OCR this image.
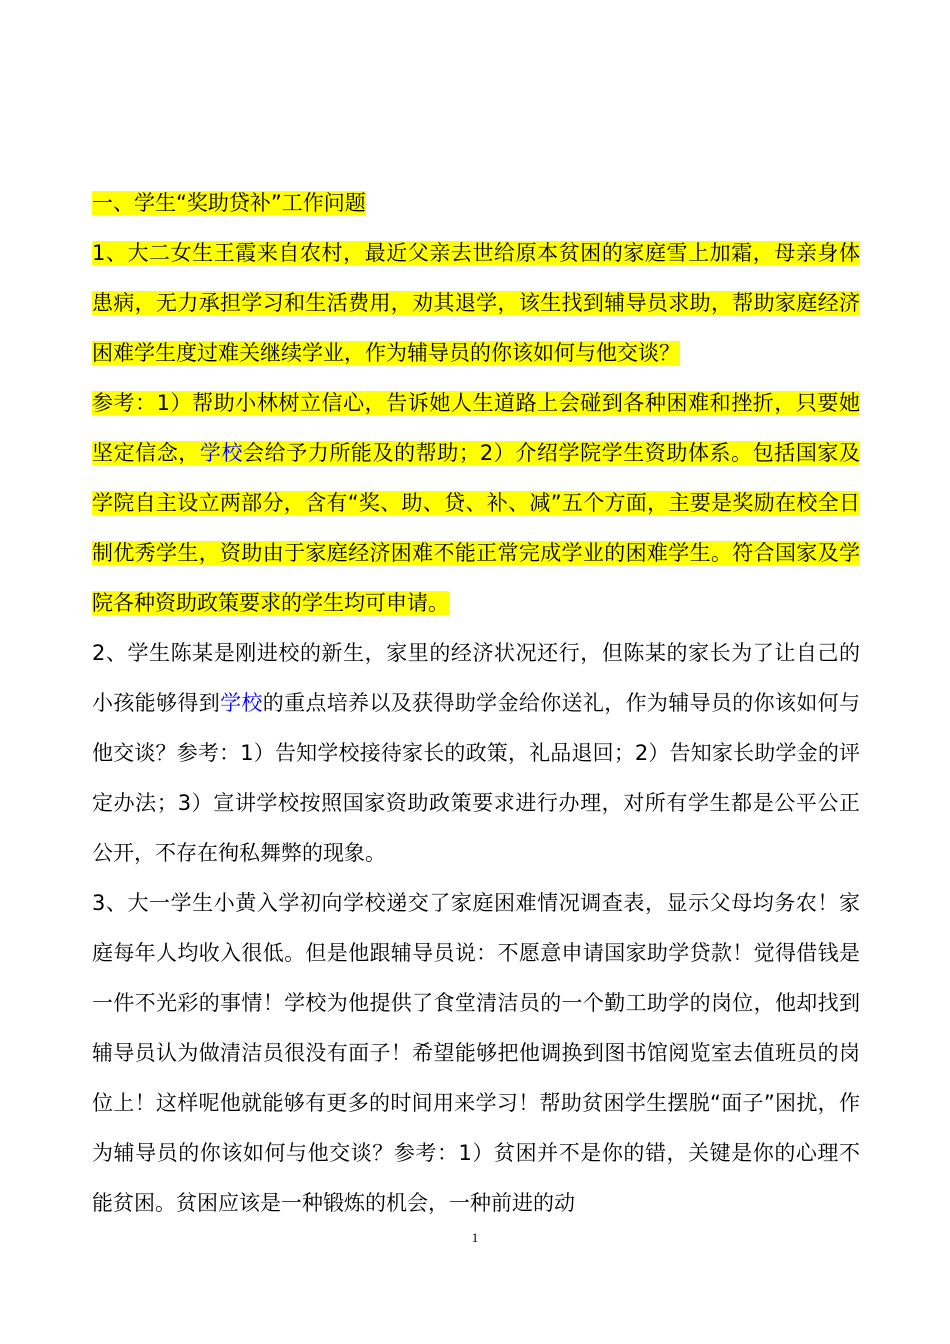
一、学生“奖助贷补”工作问题

1、大二女生王霞来自农村，最近父亲去世给原本贫困的家庭雪上加霜，母亲身体患病，无力承担学习和生活费用，劝其退学，该生找到辅导员求助，帮助家庭经济困难学生度过难关继续学业，作为辅导员的你该如何与他交谈？

参考：1）帮助小林树立信心，告诉她人生道路上会碰到各种困难和挫折，只要她坚定信念，学校会给予力所能及的帮助；2）介绍学院学生资助体系。包括国家及学院自主设立两部分，含有“奖、助、贷、补、减”五个方面，主要是奖励在校全日制优秀学生，资助由于家庭经济困难不能正常完成学业的困难学生。符合国家及学院各种资助政策要求的学生均可申请。

2、学生陈某是刚进校的新生，家里的经济状况还行，但陈某的家长为了让自己的小孩能够得到学校的重点培养以及获得助学金给你送礼，作为辅导员的你该如何与他交谈？参考：1）告知学校接待家长的政策，礼品退回；2）告知家长助学金的评定办法；3）宣讲学校按照国家资助政策要求进行办理，对所有学生都是公平公正公开，不存在徇私舞弊的现象。

3、大一学生小黄入学初向学校递交了家庭困难情况调查表，显示父母均务农！家庭每年人均收入很低。但是他跟辅导员说：不愿意申请国家助学贷款！觉得借钱是一件不光彩的事情！学校为他提供了食堂清洁员的一个勤工助学的岗位，他却找到辅导员认为做清洁员很没有面子！希望能够把他调换到图书馆阅览室去值班员的岗位上！这样呢他就能够有更多的时间用来学习！帮助贫困学生摆脱“面子”困扰，作为辅导员的你该如何与他交谈？参考：1）贫困并不是你的错，关键是你的心理不能贫困。贫困应该是一种锻炼的机会，一种前进的动

1
